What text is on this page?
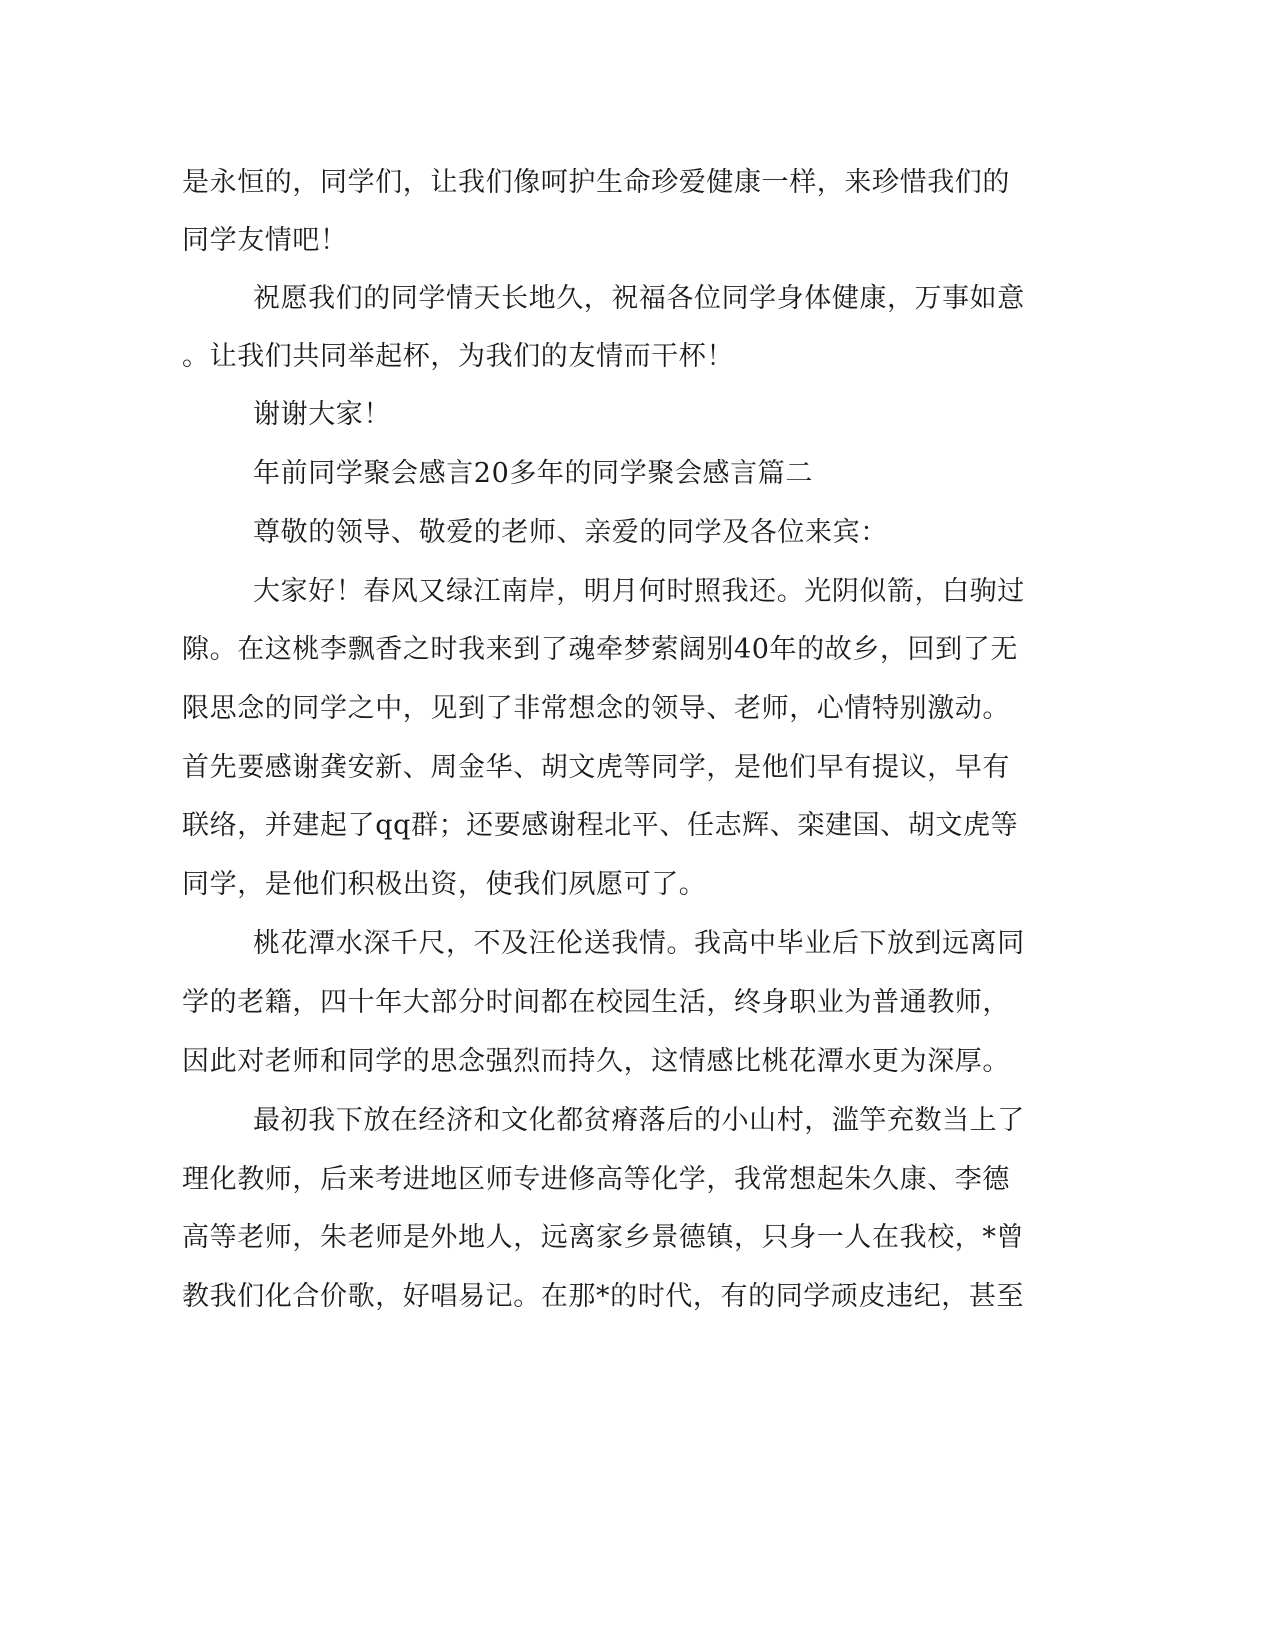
是永恒的，同学们，让我们像呵护生命珍爱健康一样，来珍惜我们的
同学友情吧！
祝愿我们的同学情天长地久，祝福各位同学身体健康，万事如意
。让我们共同举起杯，为我们的友情而干杯！
谢谢大家！
年前同学聚会感言20多年的同学聚会感言篇二
尊敬的领导、敬爱的老师、亲爱的同学及各位来宾：
大家好！春风又绿江南岸，明月何时照我还。光阴似箭，白驹过
隙。在这桃李飘香之时我来到了魂牵梦萦阔别40年的故乡，回到了无
限思念的同学之中，见到了非常想念的领导、老师，心情特别激动。
首先要感谢龚安新、周金华、胡文虎等同学，是他们早有提议，早有
联络，并建起了qq群；还要感谢程北平、任志辉、栾建国、胡文虎等
同学，是他们积极出资，使我们夙愿可了。
桃花潭水深千尺，不及汪伦送我情。我高中毕业后下放到远离同
学的老籍，四十年大部分时间都在校园生活，终身职业为普通教师，
因此对老师和同学的思念强烈而持久，这情感比桃花潭水更为深厚。
最初我下放在经济和文化都贫瘠落后的小山村，滥竽充数当上了
理化教师，后来考进地区师专进修高等化学，我常想起朱久康、李德
高等老师，朱老师是外地人，远离家乡景德镇，只身一人在我校，*曾
教我们化合价歌，好唱易记。在那*的时代，有的同学顽皮违纪，甚至
